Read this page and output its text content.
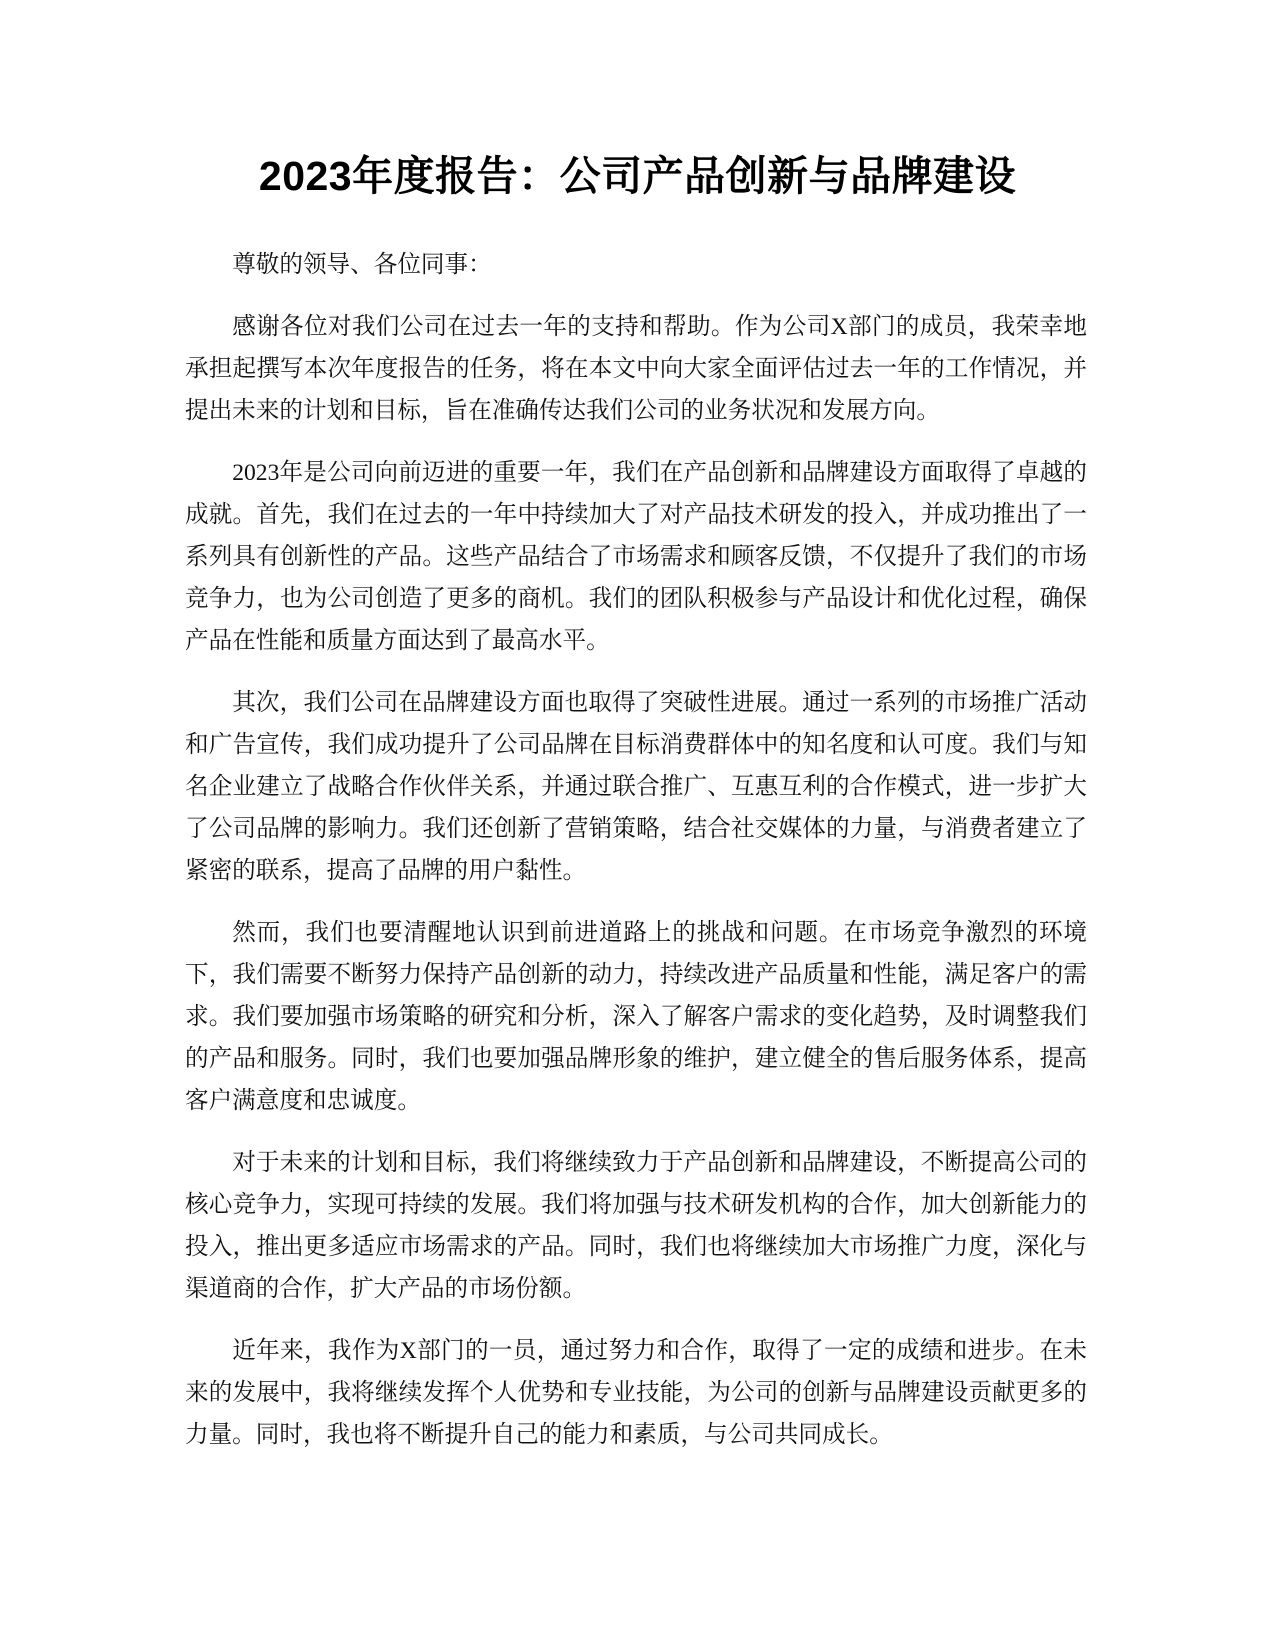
2023年度报告：公司产品创新与品牌建设

尊敬的领导、各位同事：

感谢各位对我们公司在过去一年的支持和帮助。作为公司X部门的成员，我荣幸地承担起撰写本次年度报告的任务，将在本文中向大家全面评估过去一年的工作情况，并提出未来的计划和目标，旨在准确传达我们公司的业务状况和发展方向。

2023年是公司向前迈进的重要一年，我们在产品创新和品牌建设方面取得了卓越的成就。首先，我们在过去的一年中持续加大了对产品技术研发的投入，并成功推出了一系列具有创新性的产品。这些产品结合了市场需求和顾客反馈，不仅提升了我们的市场竞争力，也为公司创造了更多的商机。我们的团队积极参与产品设计和优化过程，确保产品在性能和质量方面达到了最高水平。

其次，我们公司在品牌建设方面也取得了突破性进展。通过一系列的市场推广活动和广告宣传，我们成功提升了公司品牌在目标消费群体中的知名度和认可度。我们与知名企业建立了战略合作伙伴关系，并通过联合推广、互惠互利的合作模式，进一步扩大了公司品牌的影响力。我们还创新了营销策略，结合社交媒体的力量，与消费者建立了紧密的联系，提高了品牌的用户黏性。

然而，我们也要清醒地认识到前进道路上的挑战和问题。在市场竞争激烈的环境下，我们需要不断努力保持产品创新的动力，持续改进产品质量和性能，满足客户的需求。我们要加强市场策略的研究和分析，深入了解客户需求的变化趋势，及时调整我们的产品和服务。同时，我们也要加强品牌形象的维护，建立健全的售后服务体系，提高客户满意度和忠诚度。

对于未来的计划和目标，我们将继续致力于产品创新和品牌建设，不断提高公司的核心竞争力，实现可持续的发展。我们将加强与技术研发机构的合作，加大创新能力的投入，推出更多适应市场需求的产品。同时，我们也将继续加大市场推广力度，深化与渠道商的合作，扩大产品的市场份额。

近年来，我作为X部门的一员，通过努力和合作，取得了一定的成绩和进步。在未来的发展中，我将继续发挥个人优势和专业技能，为公司的创新与品牌建设贡献更多的力量。同时，我也将不断提升自己的能力和素质，与公司共同成长。
